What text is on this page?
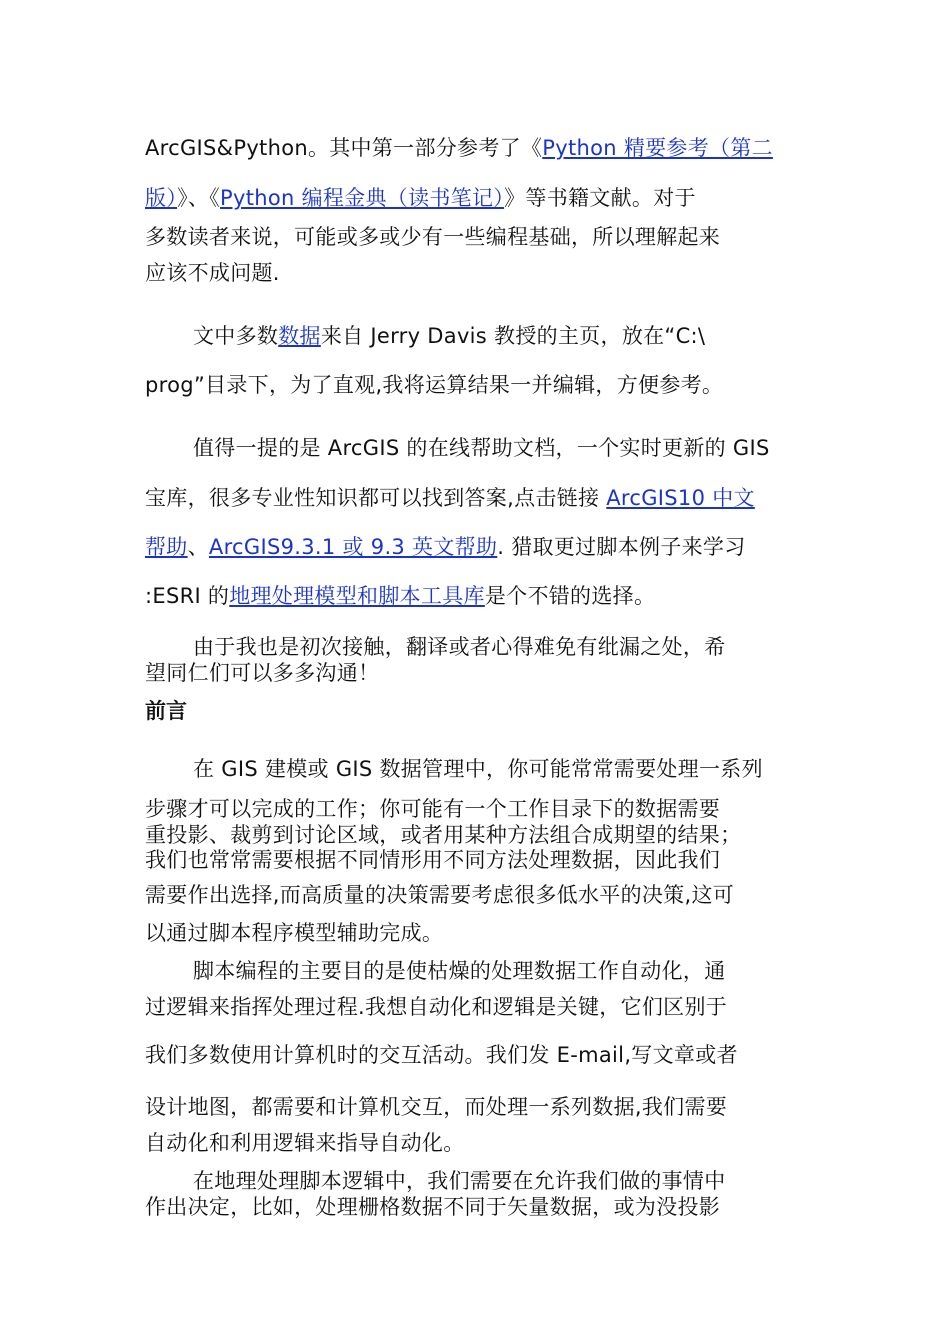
ArcGIS&Python。其中第一部分参考了《Python 精要参考（第二
版）》、《Python 编程金典（读书笔记）》等书籍文献。对于
多数读者来说，可能或多或少有一些编程基础，所以理解起来
应该不成问题.
文中多数数据来自 Jerry Davis 教授的主页，放在“C:\
prog”目录下，为了直观,我将运算结果一并编辑，方便参考。
值得一提的是 ArcGIS 的在线帮助文档，一个实时更新的 GIS
宝库，很多专业性知识都可以找到答案,点击链接 ArcGIS10 中文
帮助、ArcGIS9.3.1 或 9.3 英文帮助. 猎取更过脚本例子来学习
:ESRI 的地理处理模型和脚本工具库是个不错的选择。
由于我也是初次接触，翻译或者心得难免有纰漏之处，希
望同仁们可以多多沟通！
前言
在 GIS 建模或 GIS 数据管理中，你可能常常需要处理一系列
步骤才可以完成的工作；你可能有一个工作目录下的数据需要
重投影、裁剪到讨论区域，或者用某种方法组合成期望的结果；
我们也常常需要根据不同情形用不同方法处理数据，因此我们
需要作出选择,而高质量的决策需要考虑很多低水平的决策,这可
以通过脚本程序模型辅助完成。
脚本编程的主要目的是使枯燥的处理数据工作自动化，通
过逻辑来指挥处理过程.我想自动化和逻辑是关键，它们区别于
我们多数使用计算机时的交互活动。我们发 E-mail,写文章或者
设计地图，都需要和计算机交互，而处理一系列数据,我们需要
自动化和利用逻辑来指导自动化。
在地理处理脚本逻辑中，我们需要在允许我们做的事情中
作出决定，比如，处理栅格数据不同于矢量数据，或为没投影
